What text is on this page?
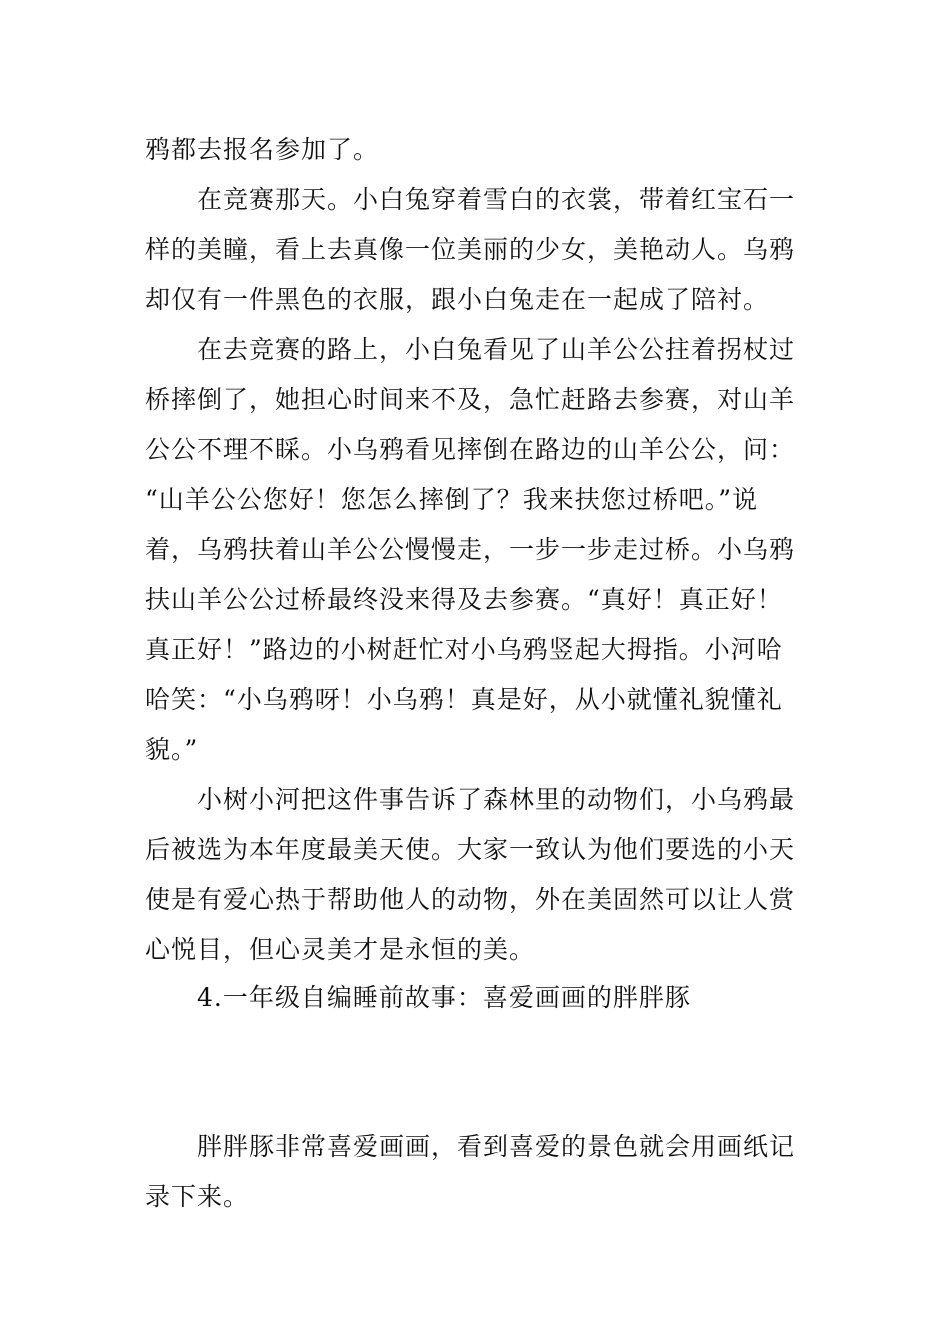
鸦都去报名参加了。
在竞赛那天。小白兔穿着雪白的衣裳，带着红宝石一
样的美瞳，看上去真像一位美丽的少女，美艳动人。乌鸦
却仅有一件黑色的衣服，跟小白兔走在一起成了陪衬。
在去竞赛的路上，小白兔看见了山羊公公拄着拐杖过
桥摔倒了，她担心时间来不及，急忙赶路去参赛，对山羊
公公不理不睬。小乌鸦看见摔倒在路边的山羊公公，问：
“山羊公公您好！您怎么摔倒了？我来扶您过桥吧。”说
着，乌鸦扶着山羊公公慢慢走，一步一步走过桥。小乌鸦
扶山羊公公过桥最终没来得及去参赛。“真好！真正好！
真正好！”路边的小树赶忙对小乌鸦竖起大拇指。小河哈
哈笑：“小乌鸦呀！小乌鸦！真是好，从小就懂礼貌懂礼
貌。”
小树小河把这件事告诉了森林里的动物们，小乌鸦最
后被选为本年度最美天使。大家一致认为他们要选的小天
使是有爱心热于帮助他人的动物，外在美固然可以让人赏
心悦目，但心灵美才是永恒的美。
4.一年级自编睡前故事：喜爱画画的胖胖豚
胖胖豚非常喜爱画画，看到喜爱的景色就会用画纸记
录下来。
